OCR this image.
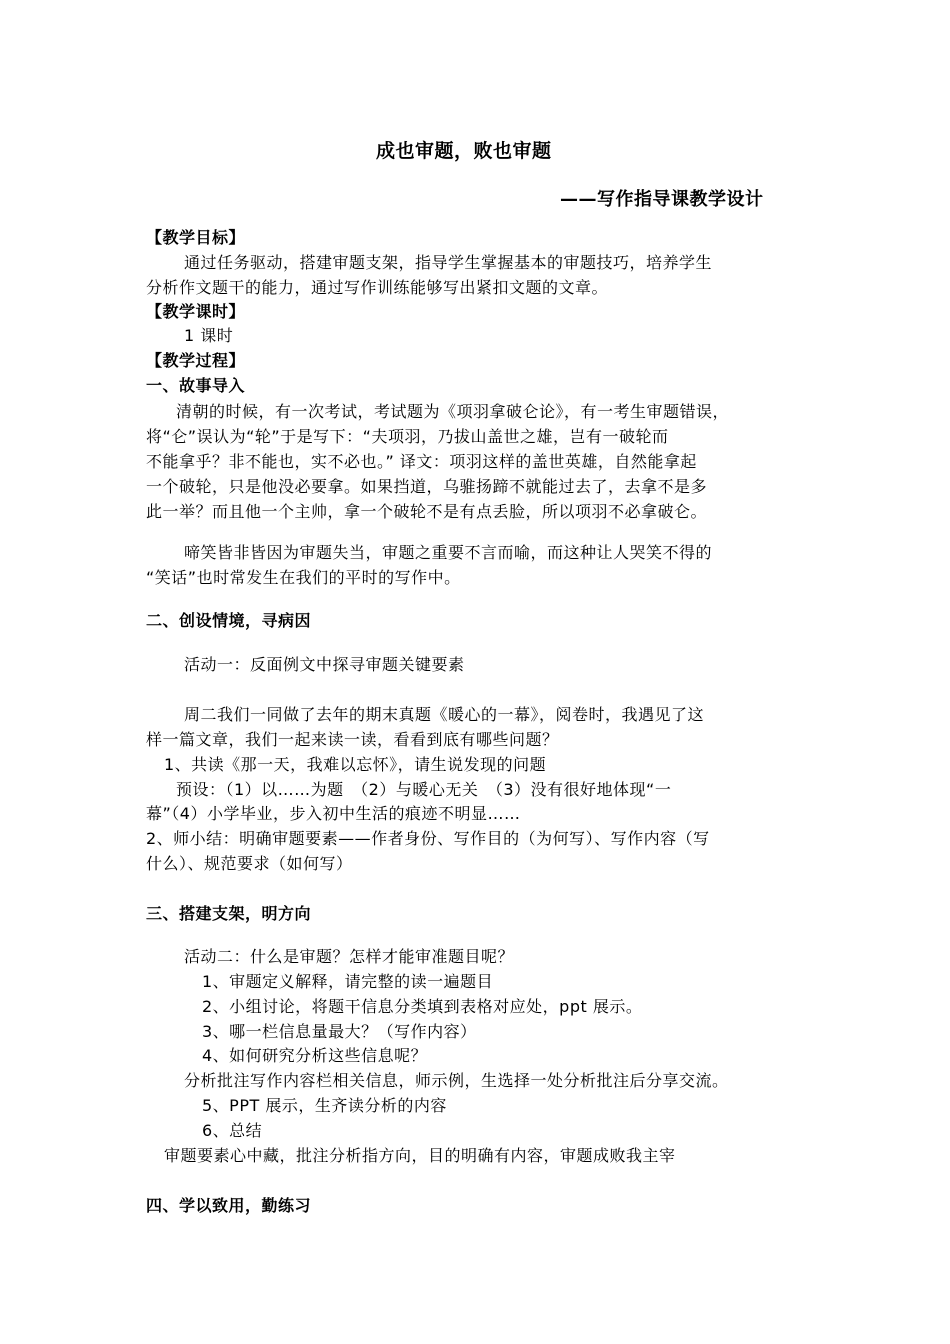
成也审题，败也审题
——写作指导课教学设计
【教学目标】
通过任务驱动，搭建审题支架，指导学生掌握基本的审题技巧，培养学生
分析作文题干的能力，通过写作训练能够写出紧扣文题的文章。
【教学课时】
1 课时
【教学过程】
一、故事导入
清朝的时候，有一次考试，考试题为《项羽拿破仑论》，有一考生审题错误，
将“仑”误认为“轮”于是写下：“夫项羽，乃拔山盖世之雄，岂有一破轮而
不能拿乎？非不能也，实不必也。” 译文：项羽这样的盖世英雄，自然能拿起
一个破轮，只是他没必要拿。如果挡道，乌骓扬蹄不就能过去了，去拿不是多
此一举？而且他一个主帅，拿一个破轮不是有点丢脸，所以项羽不必拿破仑。
啼笑皆非皆因为审题失当，审题之重要不言而喻，而这种让人哭笑不得的
“笑话”也时常发生在我们的平时的写作中。
二、创设情境，寻病因
活动一：反面例文中探寻审题关键要素
周二我们一同做了去年的期末真题《暖心的一幕》，阅卷时，我遇见了这
样一篇文章，我们一起来读一读，看看到底有哪些问题？
1、共读《那一天，我难以忘怀》，请生说发现的问题
预设：（1）以……为题　（2）与暖心无关　（3）没有很好地体现“一
幕”（4）小学毕业，步入初中生活的痕迹不明显……
2、师小结：明确审题要素——作者身份、写作目的（为何写）、写作内容（写
什么）、规范要求（如何写）
三、搭建支架，明方向
活动二：什么是审题？怎样才能审准题目呢？
1、审题定义解释，请完整的读一遍题目
2、小组讨论，将题干信息分类填到表格对应处，ppt 展示。
3、哪一栏信息量最大？（写作内容）
4、如何研究分析这些信息呢？
分析批注写作内容栏相关信息，师示例，生选择一处分析批注后分享交流。
5、PPT 展示，生齐读分析的内容
6、总结
审题要素心中藏，批注分析指方向，目的明确有内容，审题成败我主宰
四、学以致用，勤练习
